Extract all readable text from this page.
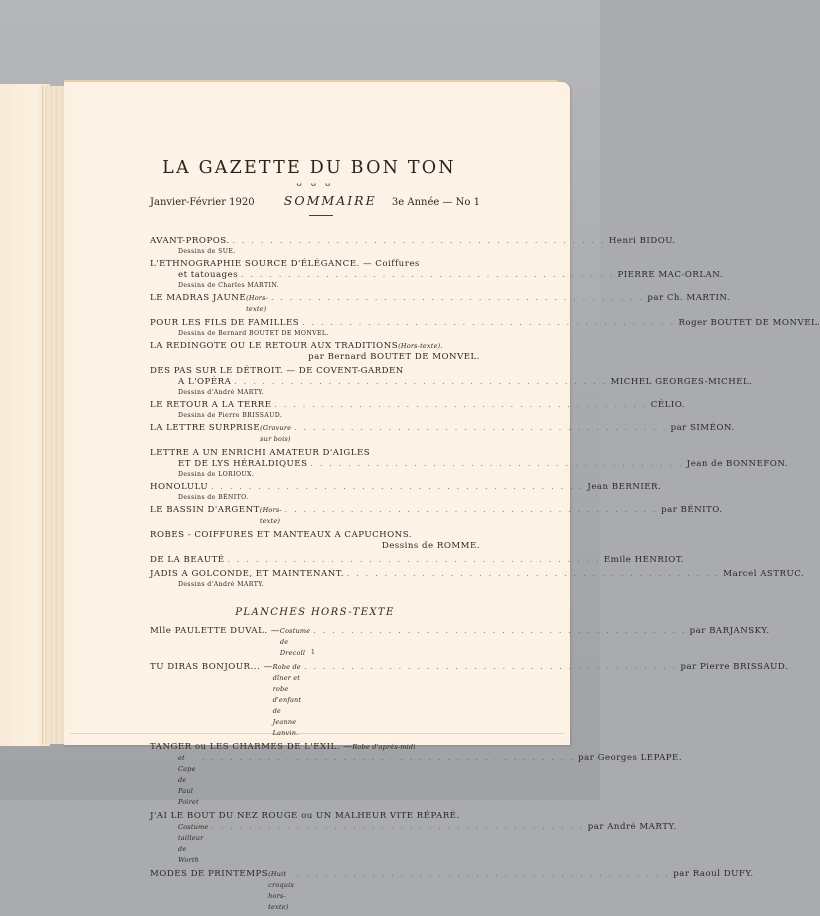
LA GAZETTE DU BON TON
ᴗ ᴗ ᴗ
Janvier-Février 1920 SOMMAIRE 3e Année — No 1
AVANT-PROPOS. . . . . . . . . . . . . . . . . . . . . . . . . . . . . . . . . . . . . . . . . Henri BIDOU.
Dessins de SUE.
L'ETHNOGRAPHIE SOURCE D'ÉLÉGANCE. — Coiffures
et tatouages . . . . . . . . . . . . . . . . . . . . . . . . . . . . . . . . . . . . . . . . PIERRE MAC-ORLAN.
Dessins de Charles MARTIN.
LE MADRAS JAUNE (Hors-texte)
. . . . . . . . . . . . . . . . . . . . . . . . . . . . . . . . . . . . . . . . par Ch. MARTIN.
POUR LES FILS DE FAMILLES . . . . . . . . . . . . . . . . . . . . . . . . . . . . . . . . . . . . . . . . Roger BOUTET DE MONVEL.
Dessins de Bernard BOUTET DE MONVEL.
LA REDINGOTE OU LE RETOUR AUX TRADITIONS (Hors-texte).
par Bernard BOUTET DE MONVEL.
DES PAS SUR LE DÉTROIT. — DE COVENT-GARDEN
A L'OPÉRA . . . . . . . . . . . . . . . . . . . . . . . . . . . . . . . . . . . . . . . . MICHEL GEORGES-MICHEL.
Dessins d'André MARTY.
LE RETOUR A LA TERRE . . . . . . . . . . . . . . . . . . . . . . . . . . . . . . . . . . . . . . . . CÉLIO.
Dessins de Pierre BRISSAUD.
LA LETTRE SURPRISE (Gravure sur bois)
. . . . . . . . . . . . . . . . . . . . . . . . . . . . . . . . . . . . . . . . par SIMÉON.
LETTRE A UN ENRICHI AMATEUR D'AIGLES
ET DE LYS HÉRALDIQUES . . . . . . . . . . . . . . . . . . . . . . . . . . . . . . . . . . . . . . . . Jean de BONNEFON.
Dessins de LORIOUX.
HONOLULU . . . . . . . . . . . . . . . . . . . . . . . . . . . . . . . . . . . . . . . . Jean BERNIER.
Dessins de BÉNITO.
LE BASSIN D'ARGENT (Hors-texte)
. . . . . . . . . . . . . . . . . . . . . . . . . . . . . . . . . . . . . . . . par BÉNITO.
ROBES - COIFFURES ET MANTEAUX A CAPUCHONS.
Dessins de ROMME.
DE LA BEAUTÉ . . . . . . . . . . . . . . . . . . . . . . . . . . . . . . . . . . . . . . . . Emile HENRIOT.
JADIS A GOLCONDE, ET MAINTENANT. . . . . . . . . . . . . . . . . . . . . . . . . . . . . . . . . . . . . . . . . Marcel ASTRUC.
Dessins d'André MARTY.
PLANCHES HORS-TEXTE
Mlle PAULETTE DUVAL. — Costume de Drecoll
. . . . . . . . . . . . . . . . . . . . . . . . . . . . . . . . . . . . . . . . par BARJANSKY.
TU DIRAS BONJOUR... — Robe de dîner et robe d'enfant de Jeanne Lanvin.
. . . . . . . . . . . . . . . . . . . . . . . . . . . . . . . . . . . . . . . . par Pierre BRISSAUD.
TANGER ou LES CHARMES DE L'EXIL. — Robe d'après-midi
et Cape de Paul Poiret
. . . . . . . . . . . . . . . . . . . . . . . . . . . . . . . . . . . . . . . . par Georges LEPAPE.
J'AI LE BOUT DU NEZ ROUGE ou UN MALHEUR VITE RÉPARÉ.
Costume tailleur de Worth
. . . . . . . . . . . . . . . . . . . . . . . . . . . . . . . . . . . . . . . . par André MARTY.
MODES DE PRINTEMPS (Huit croquis hors-texte)
. . . . . . . . . . . . . . . . . . . . . . . . . . . . . . . . . . . . . . . . par Raoul DUFY.
1
